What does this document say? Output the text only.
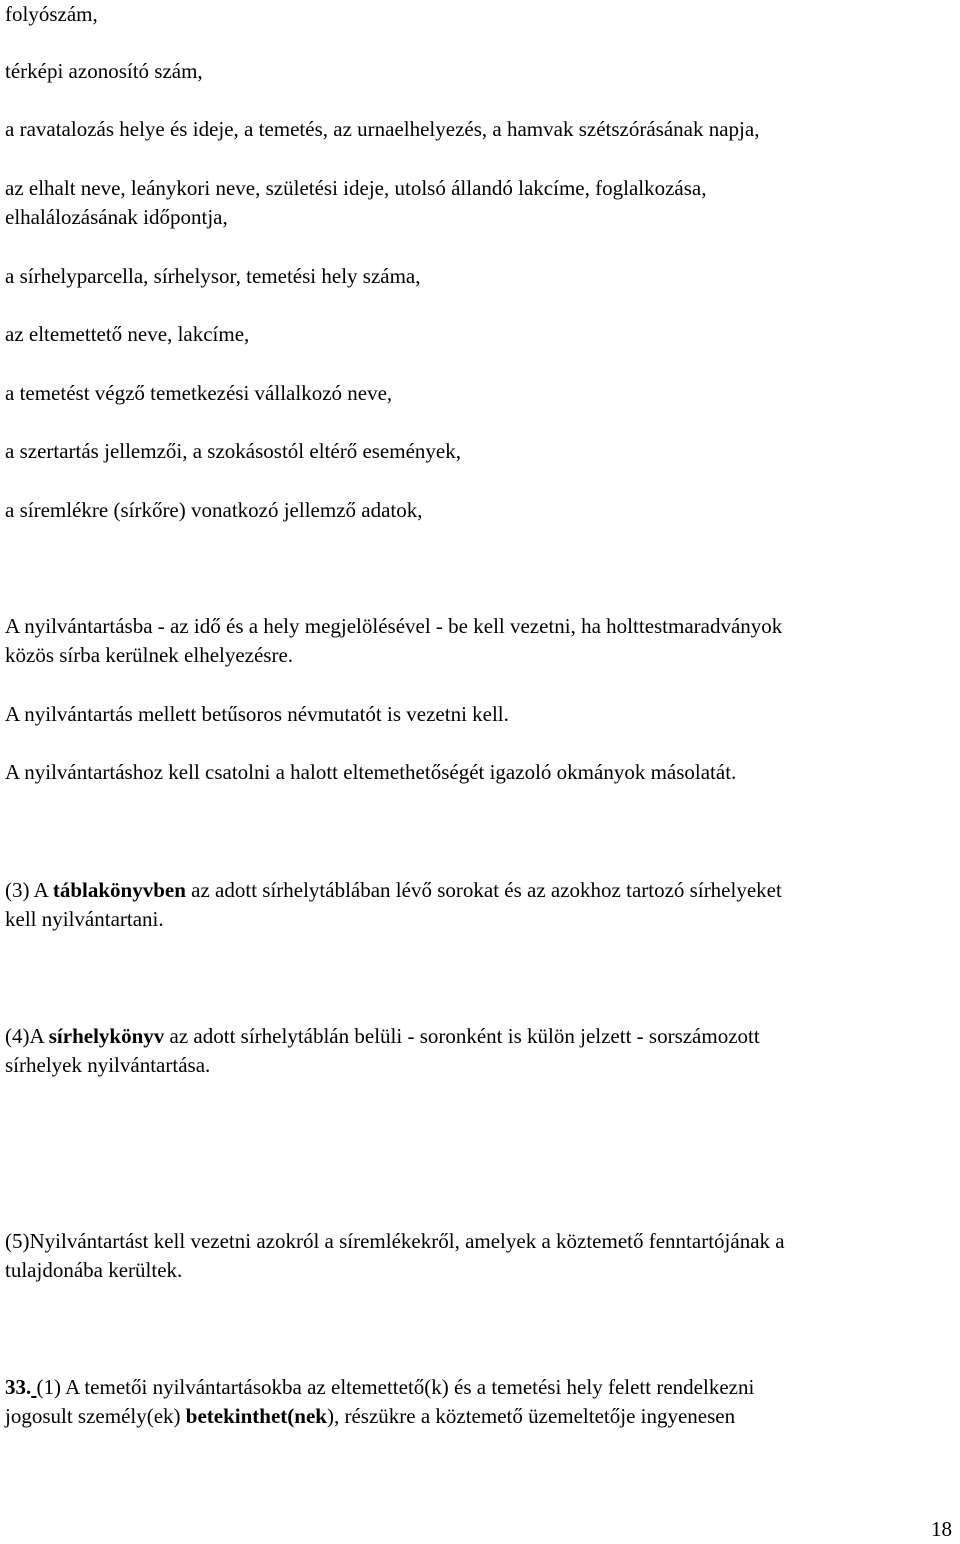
folyószám,
térképi azonosító szám,
a ravatalozás helye és ideje, a temetés, az urnaelhelyezés, a hamvak szétszórásának napja,
az elhalt neve, leánykori neve, születési ideje, utolsó állandó lakcíme, foglalkozása,
elhalálozásának időpontja,
a sírhelyparcella, sírhelysor, temetési hely száma,
az eltemettető neve, lakcíme,
a temetést végző temetkezési vállalkozó neve,
a szertartás jellemzői, a szokásostól eltérő események,
a síremlékre (sírkőre) vonatkozó jellemző adatok,
A nyilvántartásba - az idő és a hely megjelölésével - be kell vezetni, ha holttestmaradványok
közös sírba kerülnek elhelyezésre.
A nyilvántartás mellett betűsoros névmutatót is vezetni kell.
A nyilvántartáshoz kell csatolni a halott eltemethetőségét igazoló okmányok másolatát.
(3) A táblakönyvben az adott sírhelytáblában lévő sorokat és az azokhoz tartozó sírhelyeket
kell nyilvántartani.
(4)A sírhelykönyv az adott sírhelytáblán belüli - soronként is külön jelzett - sorszámozott
sírhelyek nyilvántartása.
(5)Nyilvántartást kell vezetni azokról a síremlékekről, amelyek a köztemető fenntartójának a
tulajdonába kerültek.
33. (1) A temetői nyilvántartásokba az eltemettető(k) és a temetési hely felett rendelkezni
jogosult személy(ek) betekinthet(nek), részükre a köztemető üzemeltetője ingyenesen
18
